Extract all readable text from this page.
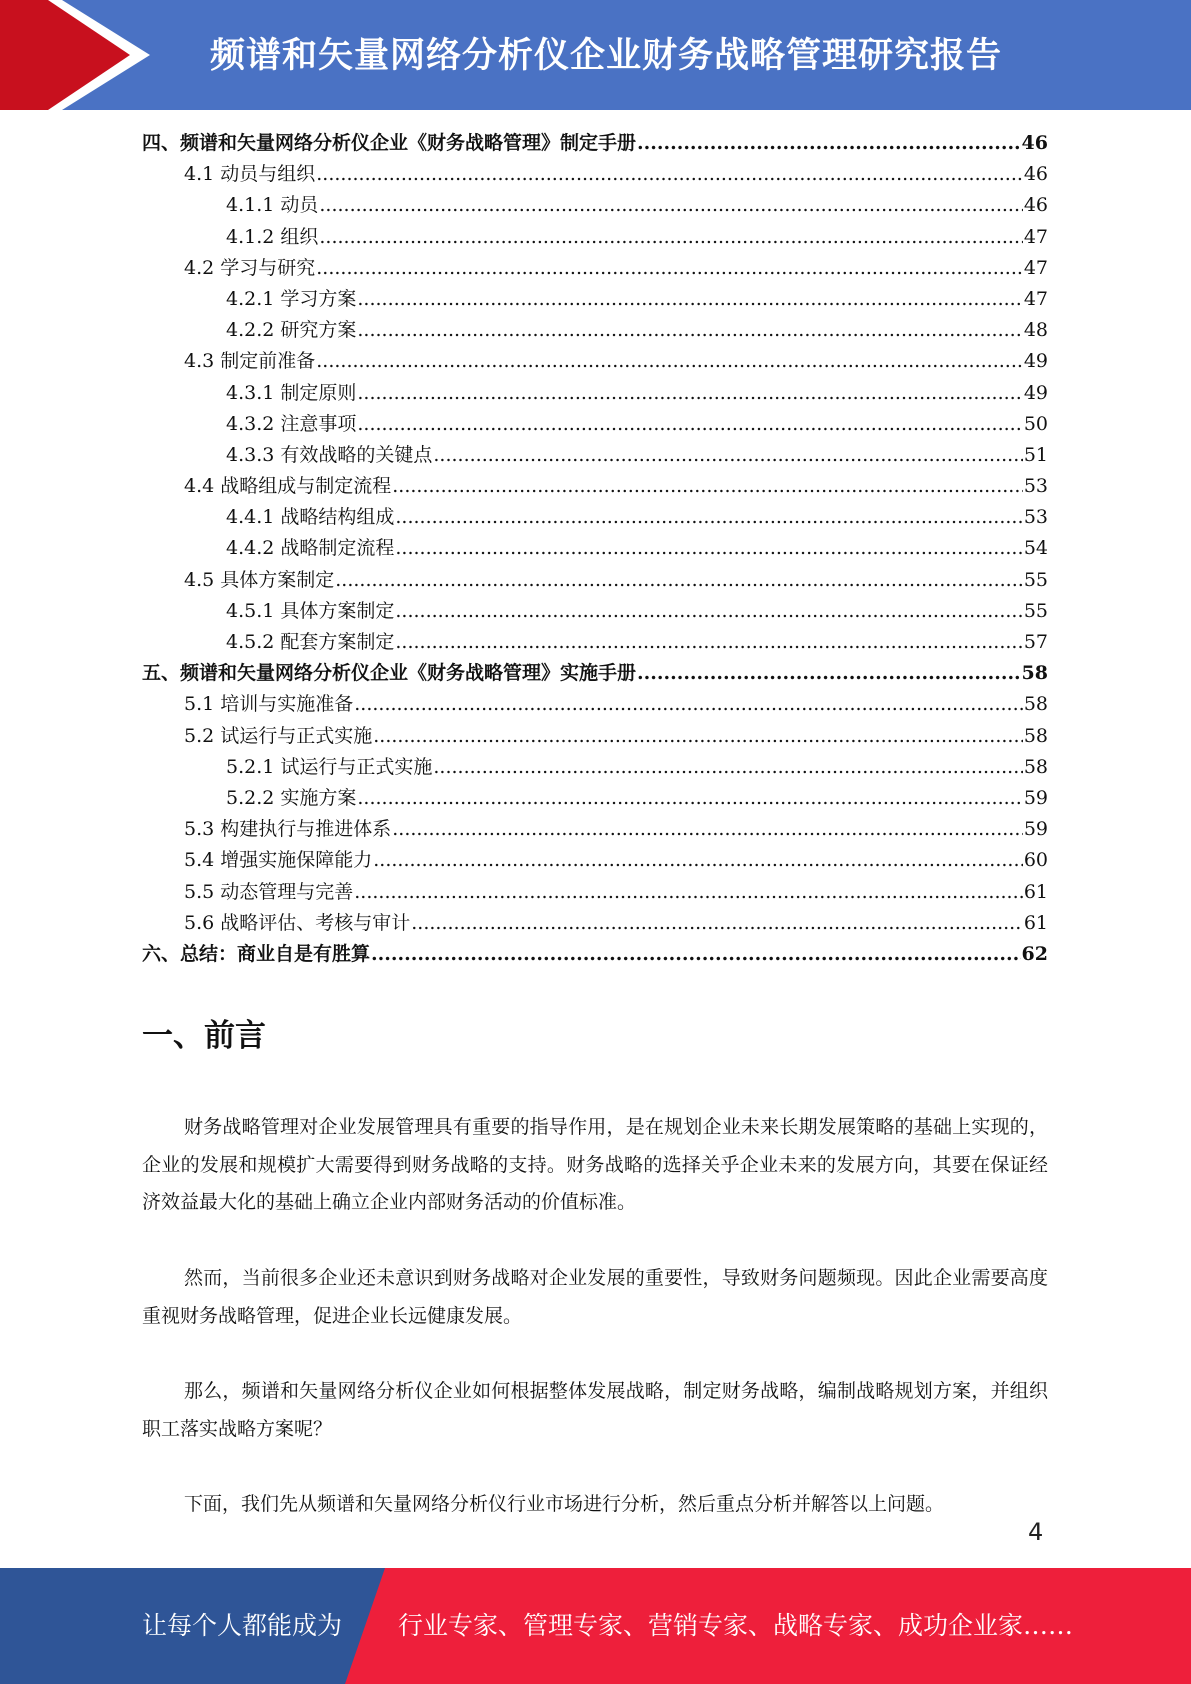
频谱和矢量网络分析仪企业财务战略管理研究报告
四、频谱和矢量网络分析仪企业《财务战略管理》制定手册 .....	46
4.1 动员与组织 .....	46
4.1.1 动员 .....	46
4.1.2 组织 .....	47
4.2 学习与研究 .....	47
4.2.1 学习方案 .....	47
4.2.2 研究方案 .....	48
4.3 制定前准备 .....	49
4.3.1 制定原则 .....	49
4.3.2 注意事项 .....	50
4.3.3 有效战略的关键点 .....	51
4.4 战略组成与制定流程 .....	53
4.4.1 战略结构组成 .....	53
4.4.2 战略制定流程 .....	54
4.5 具体方案制定 .....	55
4.5.1 具体方案制定 .....	55
4.5.2 配套方案制定 .....	57
五、频谱和矢量网络分析仪企业《财务战略管理》实施手册 .....	58
5.1 培训与实施准备 .....	58
5.2 试运行与正式实施 .....	58
5.2.1 试运行与正式实施 .....	58
5.2.2 实施方案 .....	59
5.3 构建执行与推进体系 .....	59
5.4 增强实施保障能力 .....	60
5.5 动态管理与完善 .....	61
5.6 战略评估、考核与审计 .....	61
六、总结：商业自是有胜算 .....	62
一、前言

财务战略管理对企业发展管理具有重要的指导作用，是在规划企业未来长期发展策略的基础上实现的，企业的发展和规模扩大需要得到财务战略的支持。财务战略的选择关乎企业未来的发展方向，其要在保证经济效益最大化的基础上确立企业内部财务活动的价值标准。

然而，当前很多企业还未意识到财务战略对企业发展的重要性，导致财务问题频现。因此企业需要高度重视财务战略管理，促进企业长远健康发展。

那么，频谱和矢量网络分析仪企业如何根据整体发展战略，制定财务战略，编制战略规划方案，并组织职工落实战略方案呢？

下面，我们先从频谱和矢量网络分析仪行业市场进行分析，然后重点分析并解答以上问题。

4
让每个人都能成为 行业专家、管理专家、营销专家、战略专家、成功企业家……
